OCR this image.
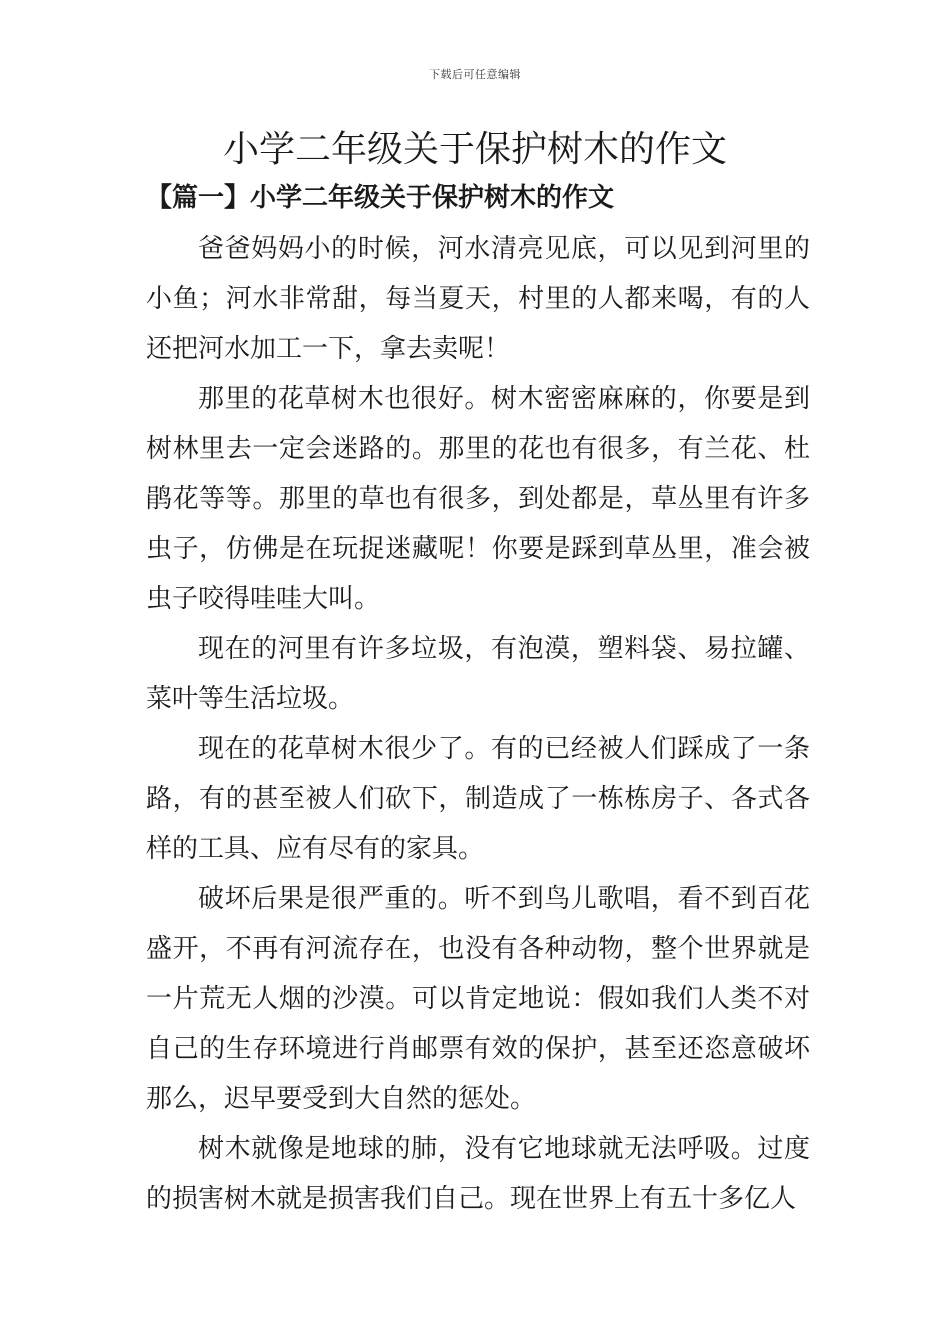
下载后可任意编辑
小学二年级关于保护树木的作文
【篇一】小学二年级关于保护树木的作文

爸爸妈妈小的时候，河水清亮见底，可以见到河里的小鱼；河水非常甜，每当夏天，村里的人都来喝，有的人还把河水加工一下，拿去卖呢！

那里的花草树木也很好。树木密密麻麻的，你要是到树林里去一定会迷路的。那里的花也有很多，有兰花、杜鹃花等等。那里的草也有很多，到处都是，草丛里有许多虫子，仿佛是在玩捉迷藏呢！你要是踩到草丛里，准会被虫子咬得哇哇大叫。

现在的河里有许多垃圾，有泡漠，塑料袋、易拉罐、菜叶等生活垃圾。

现在的花草树木很少了。有的已经被人们踩成了一条路，有的甚至被人们砍下，制造成了一栋栋房子、各式各样的工具、应有尽有的家具。

破坏后果是很严重的。听不到鸟儿歌唱，看不到百花盛开，不再有河流存在，也没有各种动物，整个世界就是一片荒无人烟的沙漠。可以肯定地说：假如我们人类不对自己的生存环境进行肖邮票有效的保护，甚至还恣意破坏那么，迟早要受到大自然的惩处。

树木就像是地球的肺，没有它地球就无法呼吸。过度的损害树木就是损害我们自己。现在世界上有五十多亿人
